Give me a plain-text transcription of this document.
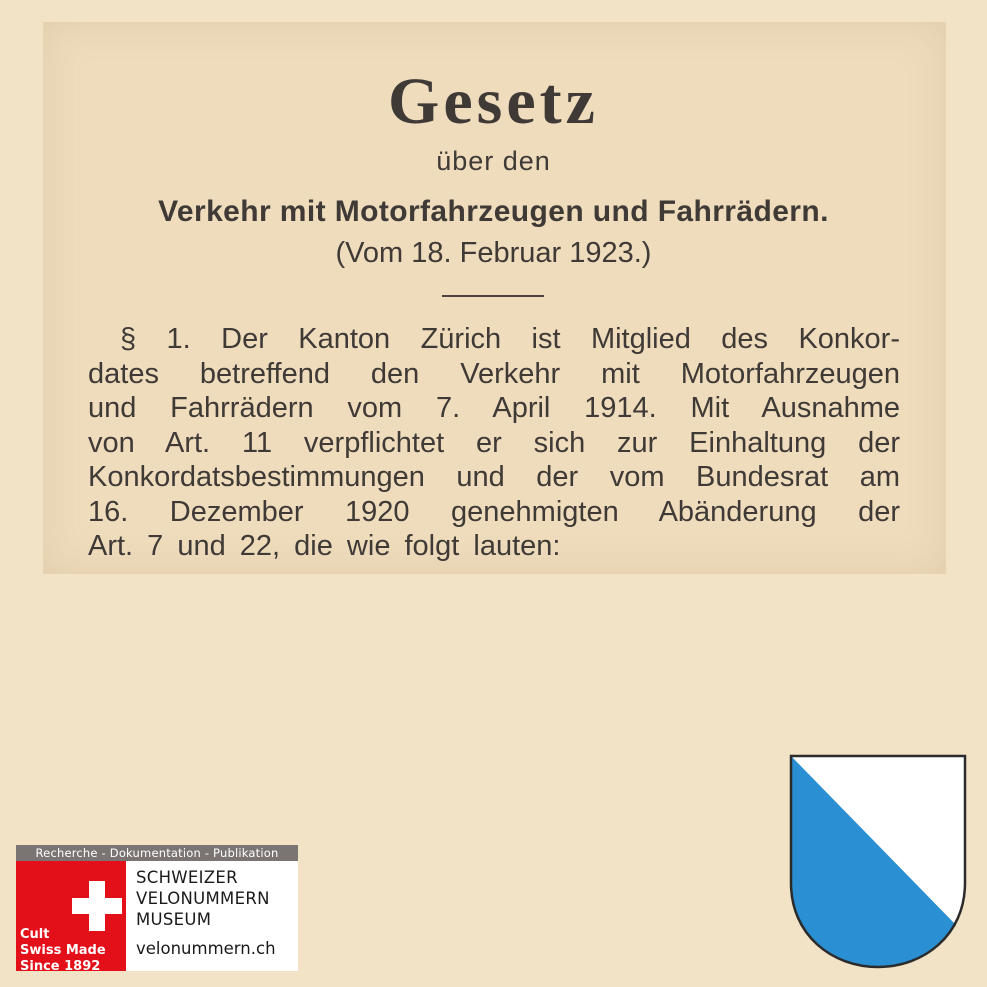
Gesetz
über den
Verkehr mit Motorfahrzeugen und Fahrrädern.
(Vom 18. Februar 1923.)
§ 1. Der Kanton Zürich ist Mitglied des Konkor-
dates betreffend den Verkehr mit Motorfahrzeugen
und Fahrrädern vom 7. April 1914. Mit Ausnahme
von Art. 11 verpflichtet er sich zur Einhaltung der
Konkordatsbestimmungen und der vom Bundesrat am
16. Dezember 1920 genehmigten Abänderung der
Art. 7 und 22, die wie folgt lauten:
Recherche - Dokumentation - Publikation
Cult
Swiss Made
Since 1892
SCHWEIZER
VELONUMMERN
MUSEUM
velonummern.ch
